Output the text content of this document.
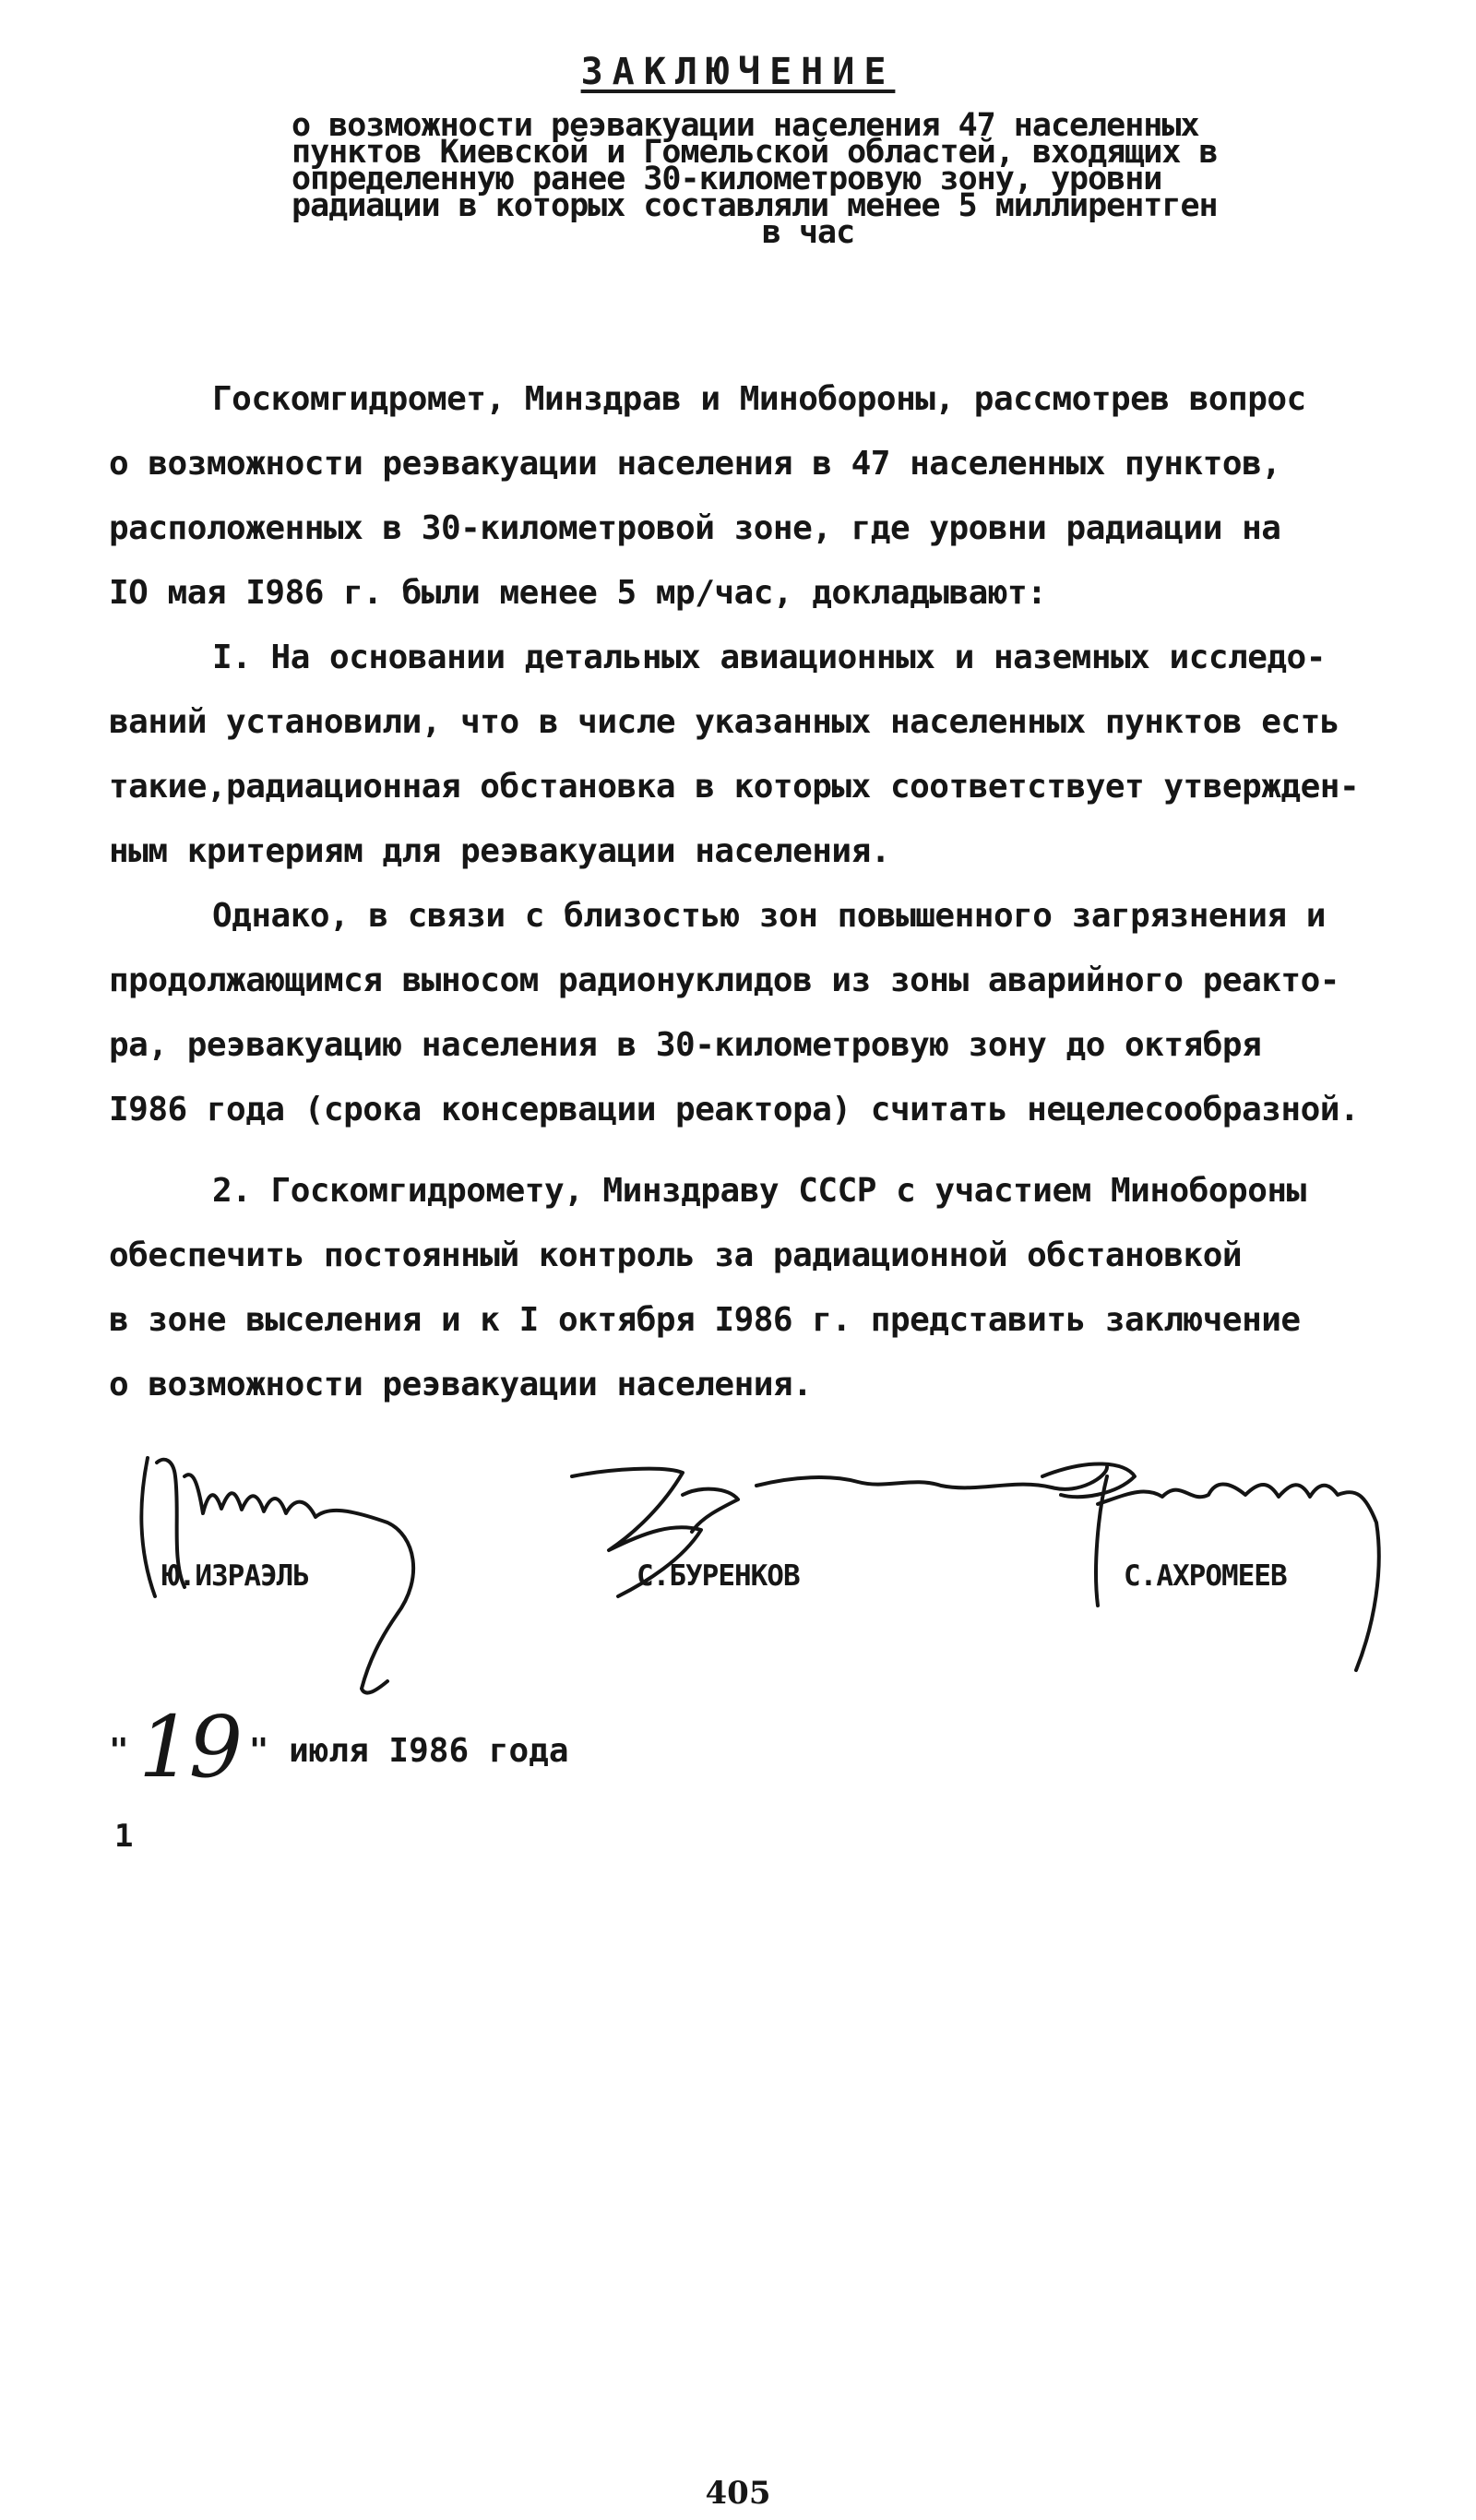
ЗАКЛЮЧЕНИЕ
о возможности реэвакуации населения 47 населенных
пунктов Киевской и Гомельской областей, входящих в
определенную ранее 30-километровую зону, уровни
радиации в которых составляли менее 5 миллирентген
в час
Госкомгидромет, Минздрав и Минобороны, рассмотрев вопрос
о возможности реэвакуации населения в 47 населенных пунктов,
расположенных в 30-километровой зоне, где уровни радиации на
IO мая I986 г. были менее 5 мр/час, докладывают:
I. На основании детальных авиационных и наземных исследо-
ваний установили, что в числе указанных населенных пунктов есть
такие,радиационная обстановка в которых соответствует утвержден-
ным критериям для реэвакуации населения.
Однако, в связи с близостью зон повышенного загрязнения и
продолжающимся выносом радионуклидов из зоны аварийного реакто-
ра, реэвакуацию населения в 30-километровую зону до октября
I986 года (срока консервации реактора) считать нецелесообразной.
2. Госкомгидромету, Минздраву СССР с участием Минобороны
обеспечить постоянный контроль за радиационной обстановкой
в зоне выселения и к I октября I986 г. представить заключение
о возможности реэвакуации населения.
Ю.ИЗРАЭЛЬ	С.БУРЕНКОВ	С.АХРОМЕЕВ
" 19 " июля I986 года
1
405
